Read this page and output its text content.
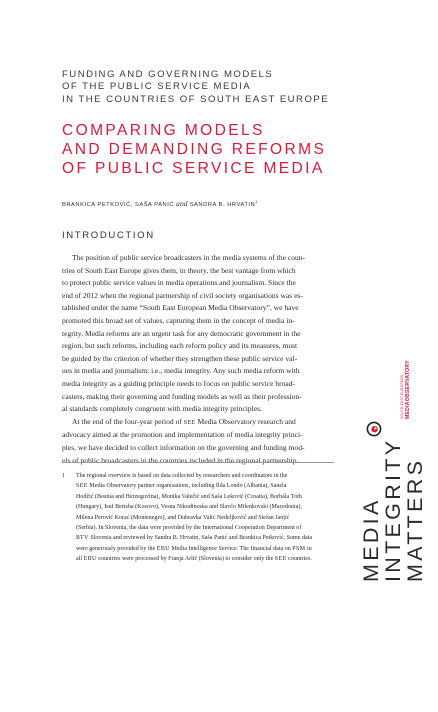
FUNDING AND GOVERNING MODELS
OF THE PUBLIC SERVICE MEDIA
IN THE COUNTRIES OF SOUTH EAST EUROPE
COMPARING MODELS
AND DEMANDING REFORMS
OF PUBLIC SERVICE MEDIA
BRANKICA PETKOVIĆ, SAŠA PANIĆ and SANDRA B. HRVATIN$^1$
INTRODUCTION
The position of public service broadcasters in the media systems of the coun-
tries of South East Europe gives them, in theory, the best vantage from which
to protect public service values in media operations and journalism. Since the
end of 2012 when the regional partnership of civil society organisations was es-
tablished under the name “South East European Media Observatory”, we have
promoted this broad set of values, capturing them in the concept of media in-
tegrity. Media reforms are an urgent task for any democratic government in the
region, but such reforms, including each reform policy and its measures, must
be guided by the criterion of whether they strengthen these public service val-
ues in media and journalism: i.e., media integrity. Any such media reform with
media integrity as a guiding principle needs to focus on public service broad-
casters, making their governing and funding models as well as their profession-
al standards completely congruent with media integrity principles.
At the end of the four-year period of SEE Media Observatory research and
advocacy aimed at the promotion and implementation of media integrity princi-
ples, we have decided to collect information on the governing and funding mod-
els of public broadcasters in the countries included in the regional partnership.
1 The regional overview is based on data collected by researchers and coordinators in the
SEE Media Observatory partner organisations, including Ilda Londo (Albania), Sanela
Hodžić (Bosnia and Herzegovina), Monika Valečić and Saša Leković (Croatia), Borbála Tóth
(Hungary), Isuf Berisha (Kosovo), Vesna Nikodinoska and Slavčo Milenkovski (Macedonia),
Milena Perović Korać (Montenegro), and Dubravka Valić Nedeljković and Stefan Janjić
(Serbia). In Slovenia, the data were provided by the International Cooperation Department of
RTV Slovenia and reviewed by Sandra B. Hrvatin, Saša Panić and Brankica Petković. Some data
were generously provided by the EBU Media Intelligence Service. The financial data on PSM in
all EBU countries were processed by Franja Arlič (Slovenia) to consider only the SEE countries.
SOUTH EAST EUROPEAN MEDIAOBSERVATORY
MEDIA
INTEGRITY
MATTERS
